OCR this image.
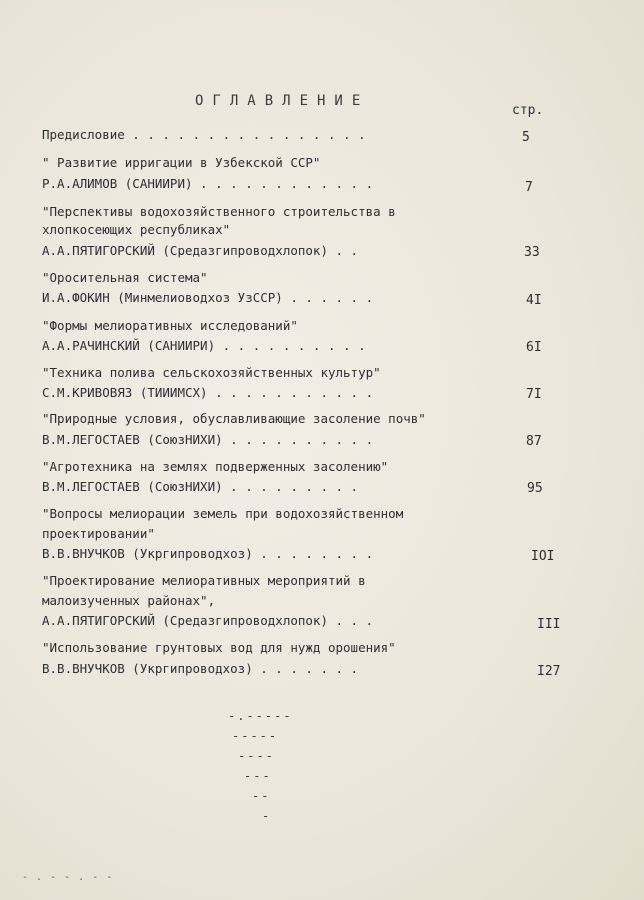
ОГЛАВЛЕНИЕ
стр.
Предисловие . . . . . . . . . . . . . . . .	5
" Развитие ирригации в Узбекской ССР"
Р.А.АЛИМОВ (САНИИРИ) . . . . . . . . . . . .	7
"Перспективы водохозяйственного строительства в
хлопкосеющих республиках"
А.А.ПЯТИГОРСКИЙ (Средазгипроводхлопок) . .	33
"Оросительная система"
И.А.ФОКИН (Минмелиоводхоз УзССР) . . . . . .	4I
"Формы мелиоративных исследований"
А.А.РАЧИНСКИЙ (САНИИРИ) . . . . . . . . . .	6I
"Техника полива сельскохозяйственных культур"
С.М.КРИВОВЯЗ (ТИИИМСХ) . . . . . . . . . . .	7I
"Природные условия, обуславливающие засоление почв"
В.М.ЛЕГОСТАЕВ (СоюзНИХИ) . . . . . . . . . .	87
"Агротехника на землях подверженных засолению"
В.М.ЛЕГОСТАЕВ (СоюзНИХИ) . . . . . . . . .	95
"Вопросы мелиорации земель при водохозяйственном
проектировании"
В.В.ВНУЧКОВ (Укргипроводхоз) . . . . . . . .	IOI
"Проектирование мелиоративных мероприятий в
малоизученных районах",
А.А.ПЯТИГОРСКИЙ (Средазгипроводхлопок) . . .	III
"Использование грунтовых вод для нужд орошения"
В.В.ВНУЧКОВ (Укргипроводхоз) . . . . . . .	I27
-.-----
-----
----
---
--
-
- . - - . - -
